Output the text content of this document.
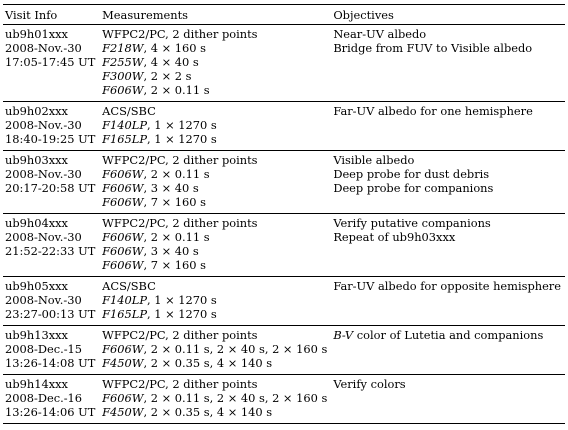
Visit Info	Measurements	Objectives

ub9h01xxx
2008-Nov.-30
17:05-17:45 UT	WFPC2/PC, 2 dither points
F218W, 4 × 160 s
F255W, 4 × 40 s
F300W, 2 × 2 s
F606W, 2 × 0.11 s	Near-UV albedo
Bridge from FUV to Visible albedo

ub9h02xxx
2008-Nov.-30
18:40-19:25 UT	ACS/SBC
F140LP, 1 × 1270 s
F165LP, 1 × 1270 s	Far-UV albedo for one hemisphere

ub9h03xxx
2008-Nov.-30
20:17-20:58 UT	WFPC2/PC, 2 dither points
F606W, 2 × 0.11 s
F606W, 3 × 40 s
F606W, 7 × 160 s	Visible albedo
Deep probe for dust debris
Deep probe for companions

ub9h04xxx
2008-Nov.-30
21:52-22:33 UT	WFPC2/PC, 2 dither points
F606W, 2 × 0.11 s
F606W, 3 × 40 s
F606W, 7 × 160 s	Verify putative companions
Repeat of ub9h03xxx

ub9h05xxx
2008-Nov.-30
23:27-00:13 UT	ACS/SBC
F140LP, 1 × 1270 s
F165LP, 1 × 1270 s	Far-UV albedo for opposite hemisphere

ub9h13xxx
2008-Dec.-15
13:26-14:08 UT	WFPC2/PC, 2 dither points
F606W, 2 × 0.11 s, 2 × 40 s, 2 × 160 s
F450W, 2 × 0.35 s, 4 × 140 s	B-V color of Lutetia and companions

ub9h14xxx
2008-Dec.-16
13:26-14:06 UT	WFPC2/PC, 2 dither points
F606W, 2 × 0.11 s, 2 × 40 s, 2 × 160 s
F450W, 2 × 0.35 s, 4 × 140 s	Verify colors
